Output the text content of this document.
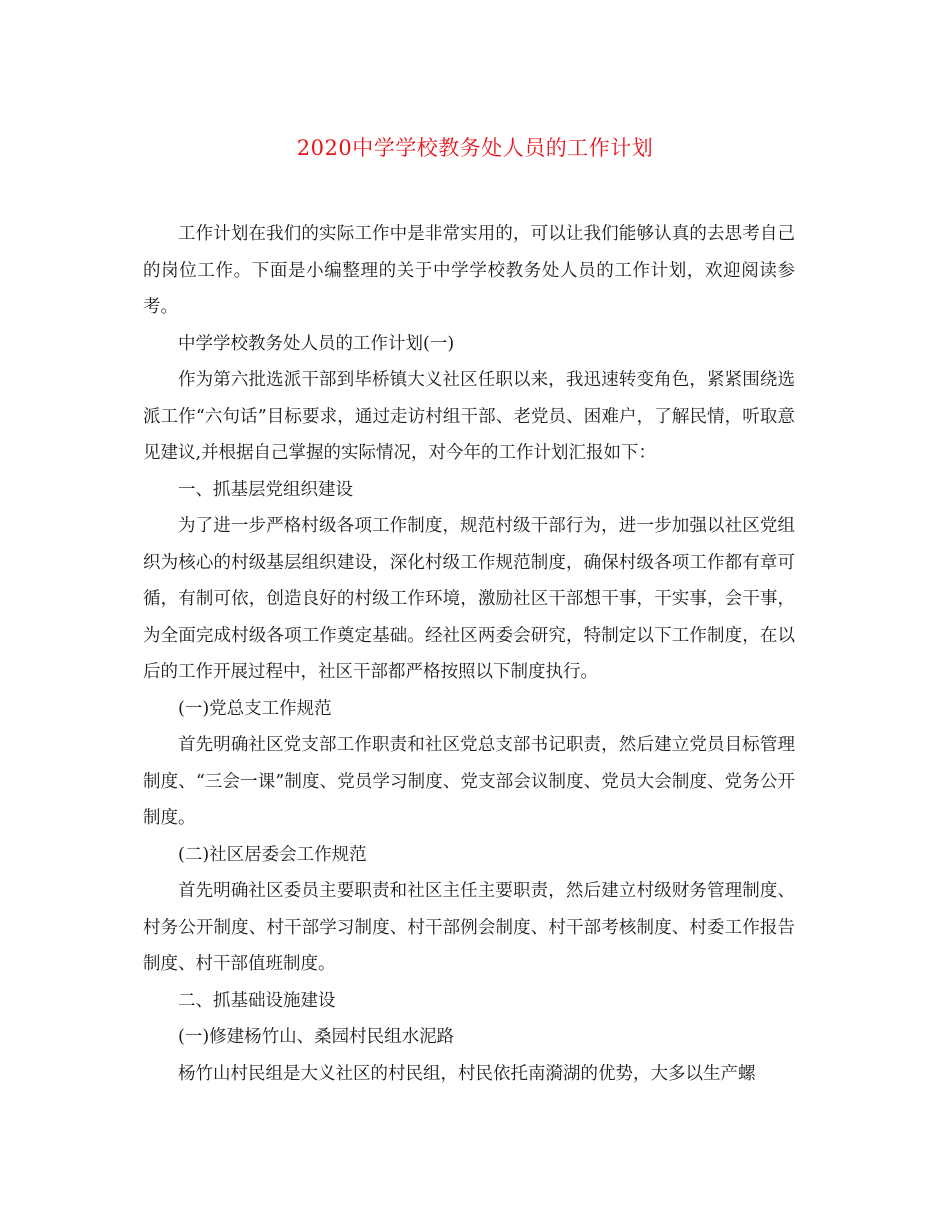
2020中学学校教务处人员的工作计划

工作计划在我们的实际工作中是非常实用的，可以让我们能够认真的去思考自己的岗位工作。下面是小编整理的关于中学学校教务处人员的工作计划，欢迎阅读参考。

中学学校教务处人员的工作计划(一)

作为第六批选派干部到毕桥镇大义社区任职以来，我迅速转变角色，紧紧围绕选派工作“六句话”目标要求，通过走访村组干部、老党员、困难户，了解民情，听取意见建议,并根据自己掌握的实际情况，对今年的工作计划汇报如下：

一、抓基层党组织建设

为了进一步严格村级各项工作制度，规范村级干部行为，进一步加强以社区党组织为核心的村级基层组织建设，深化村级工作规范制度，确保村级各项工作都有章可循，有制可依，创造良好的村级工作环境，激励社区干部想干事，干实事，会干事，为全面完成村级各项工作奠定基础。经社区两委会研究，特制定以下工作制度，在以后的工作开展过程中，社区干部都严格按照以下制度执行。

(一)党总支工作规范

首先明确社区党支部工作职责和社区党总支部书记职责，然后建立党员目标管理制度、“三会一课”制度、党员学习制度、党支部会议制度、党员大会制度、党务公开制度。

(二)社区居委会工作规范

首先明确社区委员主要职责和社区主任主要职责，然后建立村级财务管理制度、村务公开制度、村干部学习制度、村干部例会制度、村干部考核制度、村委工作报告制度、村干部值班制度。

二、抓基础设施建设

(一)修建杨竹山、桑园村民组水泥路

杨竹山村民组是大义社区的村民组，村民依托南漪湖的优势，大多以生产螺
